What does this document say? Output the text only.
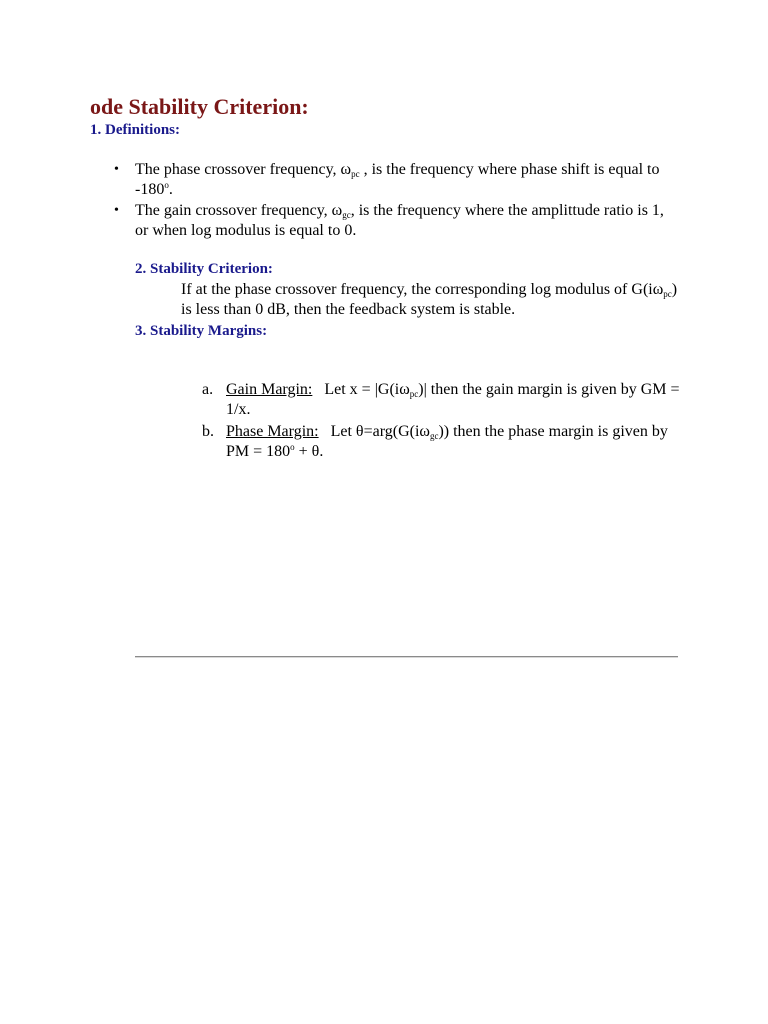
ode Stability Criterion:
1. Definitions:
• The phase crossover frequency, $\omega_{pc}$ , is the frequency where phase shift is equal to -180$^o$.
• The gain crossover frequency, $\omega_{gc}$, is the frequency where the amplittude ratio is 1, or when log modulus is equal to 0.
2. Stability Criterion:

If at the phase crossover frequency, the corresponding log modulus of $G(i\omega_{pc})$ is less than 0 dB, then the feedback system is stable.

3. Stability Margins:
a. Gain Margin:   Let $x = |G(i\omega_{pc})|$ then the gain margin is given by GM = 1/x.
b. Phase Margin:   Let $\theta=arg(G(i\omega_{gc}))$ then the phase margin is given by PM = $180^o + \theta$.
